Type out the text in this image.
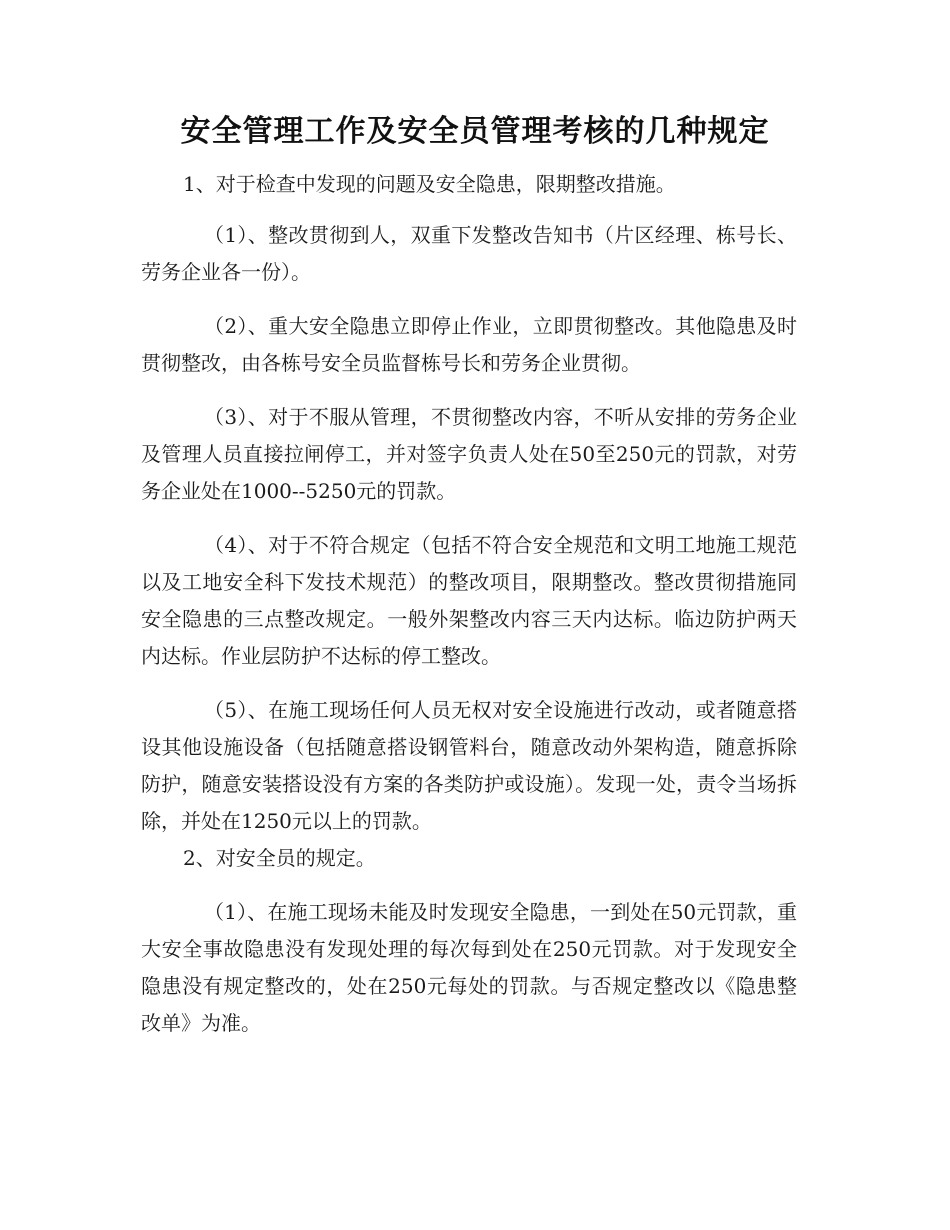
安全管理工作及安全员管理考核的几种规定

1、对于检查中发现的问题及安全隐患，限期整改措施。

（1）、整改贯彻到人，双重下发整改告知书（片区经理、栋号长、劳务企业各一份）。

（2）、重大安全隐患立即停止作业，立即贯彻整改。其他隐患及时贯彻整改，由各栋号安全员监督栋号长和劳务企业贯彻。

（3）、对于不服从管理，不贯彻整改内容，不听从安排的劳务企业及管理人员直接拉闸停工，并对签字负责人处在50至250元的罚款，对劳务企业处在1000--5250元的罚款。

（4）、对于不符合规定（包括不符合安全规范和文明工地施工规范以及工地安全科下发技术规范）的整改项目，限期整改。整改贯彻措施同安全隐患的三点整改规定。一般外架整改内容三天内达标。临边防护两天内达标。作业层防护不达标的停工整改。

（5）、在施工现场任何人员无权对安全设施进行改动，或者随意搭设其他设施设备（包括随意搭设钢管料台，随意改动外架构造，随意拆除防护，随意安装搭设没有方案的各类防护或设施）。发现一处，责令当场拆除，并处在1250元以上的罚款。

2、对安全员的规定。

（1）、在施工现场未能及时发现安全隐患，一到处在50元罚款，重大安全事故隐患没有发现处理的每次每到处在250元罚款。对于发现安全隐患没有规定整改的，处在250元每处的罚款。与否规定整改以《隐患整改单》为准。
